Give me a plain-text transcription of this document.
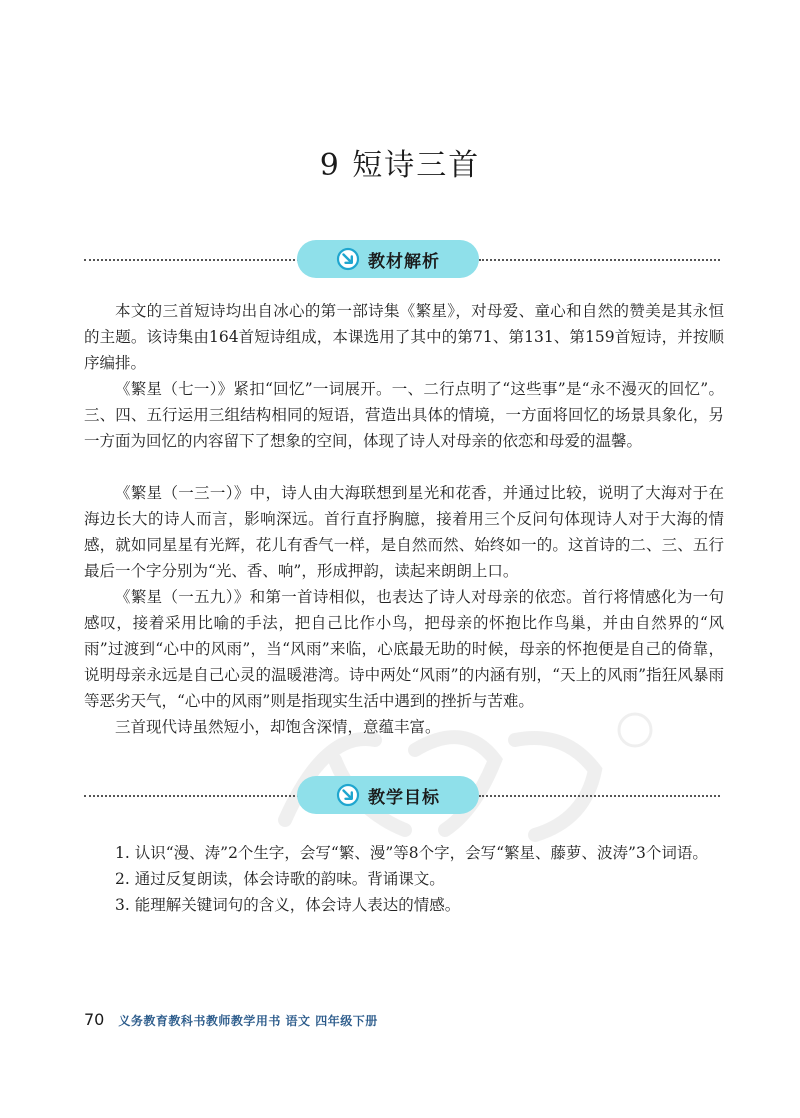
9 短诗三首
教材解析

本文的三首短诗均出自冰心的第一部诗集《繁星》，对母爱、童心和自然的赞美是其永恒的主题。该诗集由164首短诗组成，本课选用了其中的第71、第131、第159首短诗，并按顺序编排。

《繁星（七一）》紧扣“回忆”一词展开。一、二行点明了“这些事”是“永不漫灭的回忆”。三、四、五行运用三组结构相同的短语，营造出具体的情境，一方面将回忆的场景具象化，另一方面为回忆的内容留下了想象的空间，体现了诗人对母亲的依恋和母爱的温馨。

《繁星（一三一）》中，诗人由大海联想到星光和花香，并通过比较，说明了大海对于在海边长大的诗人而言，影响深远。首行直抒胸臆，接着用三个反问句体现诗人对于大海的情感，就如同星星有光辉，花儿有香气一样，是自然而然、始终如一的。这首诗的二、三、五行最后一个字分别为“光、香、响”，形成押韵，读起来朗朗上口。

《繁星（一五九）》和第一首诗相似，也表达了诗人对母亲的依恋。首行将情感化为一句感叹，接着采用比喻的手法，把自己比作小鸟，把母亲的怀抱比作鸟巢，并由自然界的“风雨”过渡到“心中的风雨”，当“风雨”来临，心底最无助的时候，母亲的怀抱便是自己的倚靠，说明母亲永远是自己心灵的温暖港湾。诗中两处“风雨”的内涵有别，“天上的风雨”指狂风暴雨等恶劣天气，“心中的风雨”则是指现实生活中遇到的挫折与苦难。

三首现代诗虽然短小，却饱含深情，意蕴丰富。

教学目标

1. 认识“漫、涛”2个生字，会写“繁、漫”等8个字，会写“繁星、藤萝、波涛”3个词语。

2. 通过反复朗读，体会诗歌的韵味。背诵课文。

3. 能理解关键词句的含义，体会诗人表达的情感。

70 义务教育教科书教师教学用书 语文 四年级下册
